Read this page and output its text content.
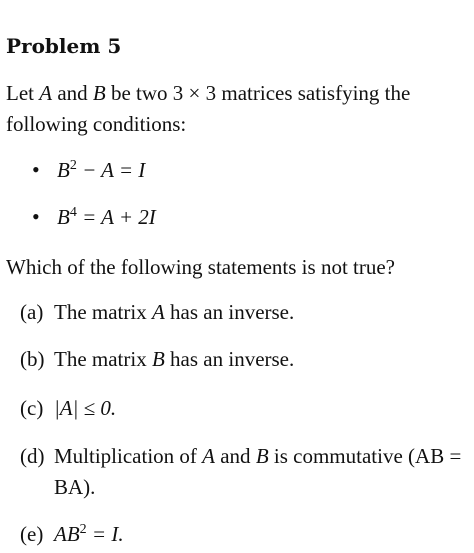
Problem 5
Let A and B be two 3 × 3 matrices satisfying the following conditions:
• $B^2 - A = I$
• $B^4 = A + 2I$
Which of the following statements is not true?
(a) The matrix A has an inverse.
(b) The matrix B has an inverse.
(c) |A| ≤ 0.
(d) Multiplication of A and B is commutative (AB = BA).
(e) $AB^2 = I$.
